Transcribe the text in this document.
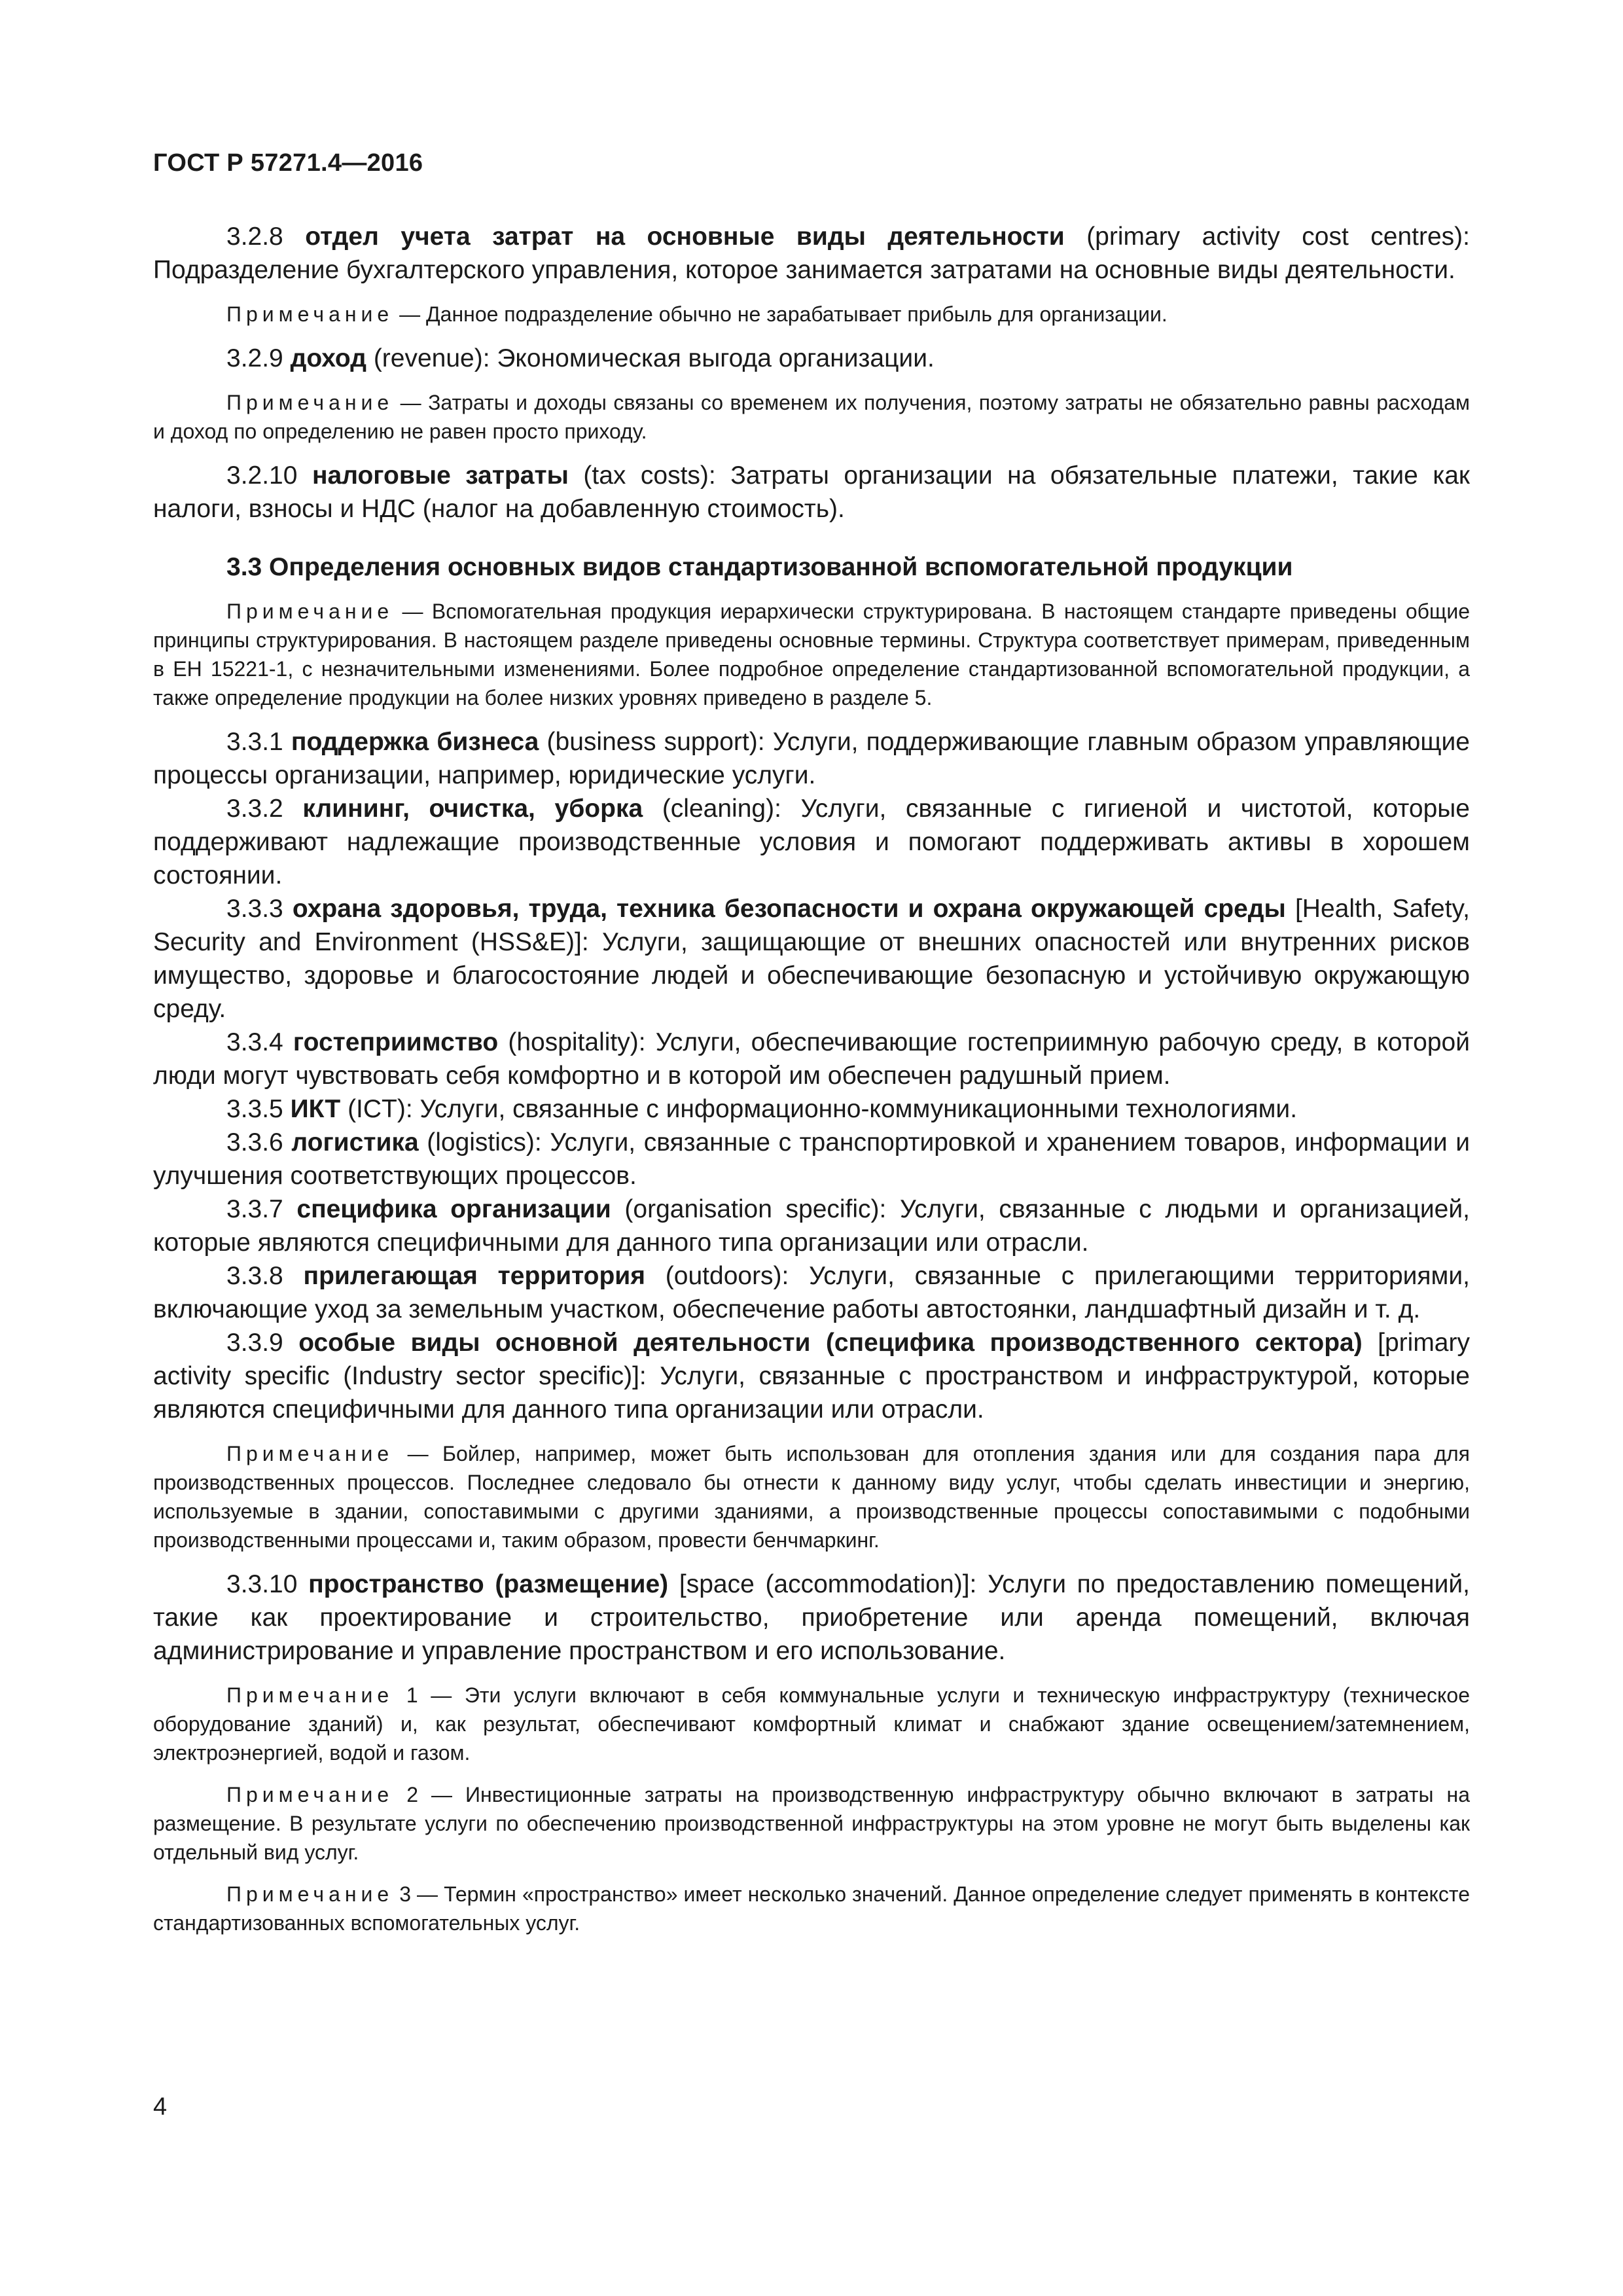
ГОСТ Р 57271.4—2016

3.2.8 отдел учета затрат на основные виды деятельности (primary activity cost centres): Подразделение бухгалтерского управления, которое занимается затратами на основные виды деятельности.

Примечание — Данное подразделение обычно не зарабатывает прибыль для организации.

3.2.9 доход (revenue): Экономическая выгода организации.

Примечание — Затраты и доходы связаны со временем их получения, поэтому затраты не обязательно равны расходам и доход по определению не равен просто приходу.

3.2.10 налоговые затраты (tax costs): Затраты организации на обязательные платежи, такие как налоги, взносы и НДС (налог на добавленную стоимость).

3.3 Определения основных видов стандартизованной вспомогательной продукции

Примечание — Вспомогательная продукция иерархически структурирована. В настоящем стандарте приведены общие принципы структурирования. В настоящем разделе приведены основные термины. Структура соответствует примерам, приведенным в ЕН 15221-1, с незначительными изменениями. Более подробное определение стандартизованной вспомогательной продукции, а также определение продукции на более низких уровнях приведено в разделе 5.

3.3.1 поддержка бизнеса (business support): Услуги, поддерживающие главным образом управляющие процессы организации, например, юридические услуги.

3.3.2 клининг, очистка, уборка (cleaning): Услуги, связанные с гигиеной и чистотой, которые поддерживают надлежащие производственные условия и помогают поддерживать активы в хорошем состоянии.

3.3.3 охрана здоровья, труда, техника безопасности и охрана окружающей среды [Health, Safety, Security and Environment (HSS&E)]: Услуги, защищающие от внешних опасностей или внутренних рисков имущество, здоровье и благосостояние людей и обеспечивающие безопасную и устойчивую окружающую среду.

3.3.4 гостеприимство (hospitality): Услуги, обеспечивающие гостеприимную рабочую среду, в которой люди могут чувствовать себя комфортно и в которой им обеспечен радушный прием.

3.3.5 ИКТ (ICT): Услуги, связанные с информационно-коммуникационными технологиями.

3.3.6 логистика (logistics): Услуги, связанные с транспортировкой и хранением товаров, информации и улучшения соответствующих процессов.

3.3.7 специфика организации (organisation specific): Услуги, связанные с людьми и организацией, которые являются специфичными для данного типа организации или отрасли.

3.3.8 прилегающая территория (outdoors): Услуги, связанные с прилегающими территориями, включающие уход за земельным участком, обеспечение работы автостоянки, ландшафтный дизайн и т. д.

3.3.9 особые виды основной деятельности (специфика производственного сектора) [primary activity specific (Industry sector specific)]: Услуги, связанные с пространством и инфраструктурой, которые являются специфичными для данного типа организации или отрасли.

Примечание — Бойлер, например, может быть использован для отопления здания или для создания пара для производственных процессов. Последнее следовало бы отнести к данному виду услуг, чтобы сделать инвестиции и энергию, используемые в здании, сопоставимыми с другими зданиями, а производственные процессы сопоставимыми с подобными производственными процессами и, таким образом, провести бенчмаркинг.

3.3.10 пространство (размещение) [space (accommodation)]: Услуги по предоставлению помещений, такие как проектирование и строительство, приобретение или аренда помещений, включая администрирование и управление пространством и его использование.

Примечание 1 — Эти услуги включают в себя коммунальные услуги и техническую инфраструктуру (техническое оборудование зданий) и, как результат, обеспечивают комфортный климат и снабжают здание освещением/затемнением, электроэнергией, водой и газом.

Примечание 2 — Инвестиционные затраты на производственную инфраструктуру обычно включают в затраты на размещение. В результате услуги по обеспечению производственной инфраструктуры на этом уровне не могут быть выделены как отдельный вид услуг.

Примечание 3 — Термин «пространство» имеет несколько значений. Данное определение следует применять в контексте стандартизованных вспомогательных услуг.

4
